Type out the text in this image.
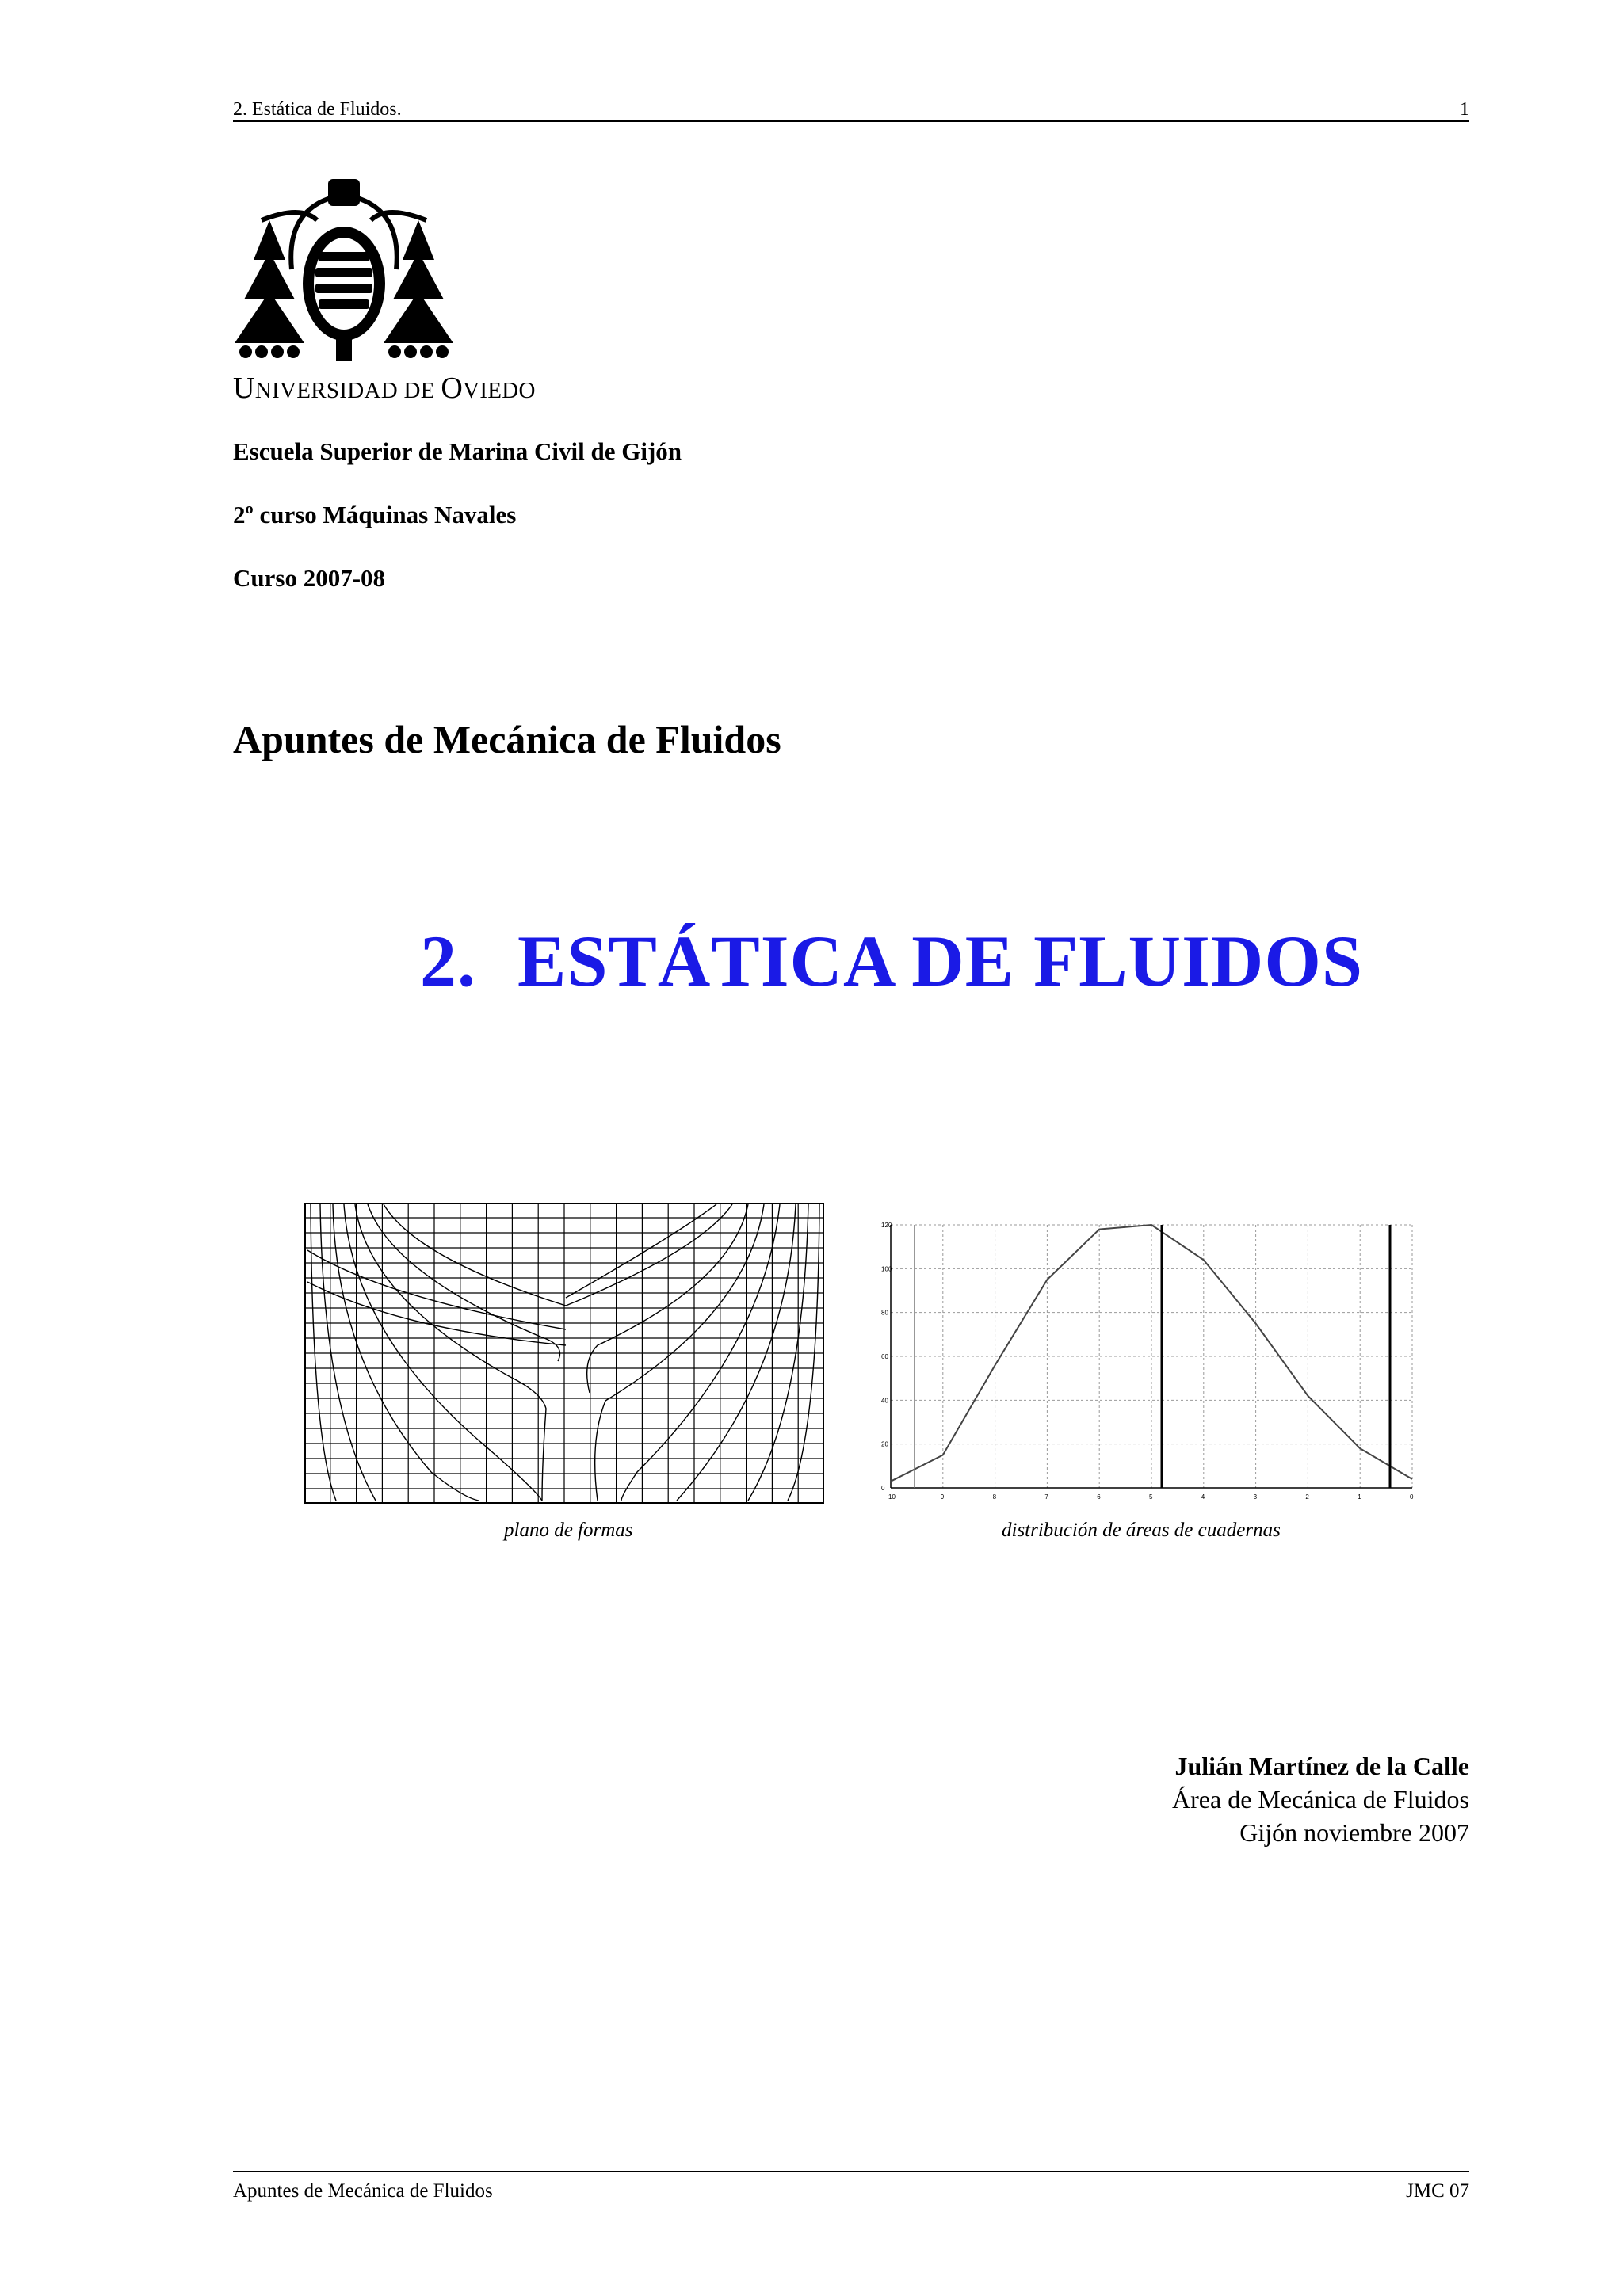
2. Estática de Fluidos.	1
UNIVERSIDAD DE OVIEDO
Escuela Superior de Marina Civil de Gijón
2º curso Máquinas Navales
Curso 2007-08
Apuntes de Mecánica de Fluidos
2. ESTÁTICA DE FLUIDOS
0
20
40
60
80
100
120
10	9	8	7	6	5	4	3	2	1	0
plano de formas	distribución de áreas de cuadernas
Julián Martínez de la Calle
Área de Mecánica de Fluidos
Gijón noviembre 2007
Apuntes de Mecánica de Fluidos	JMC 07
